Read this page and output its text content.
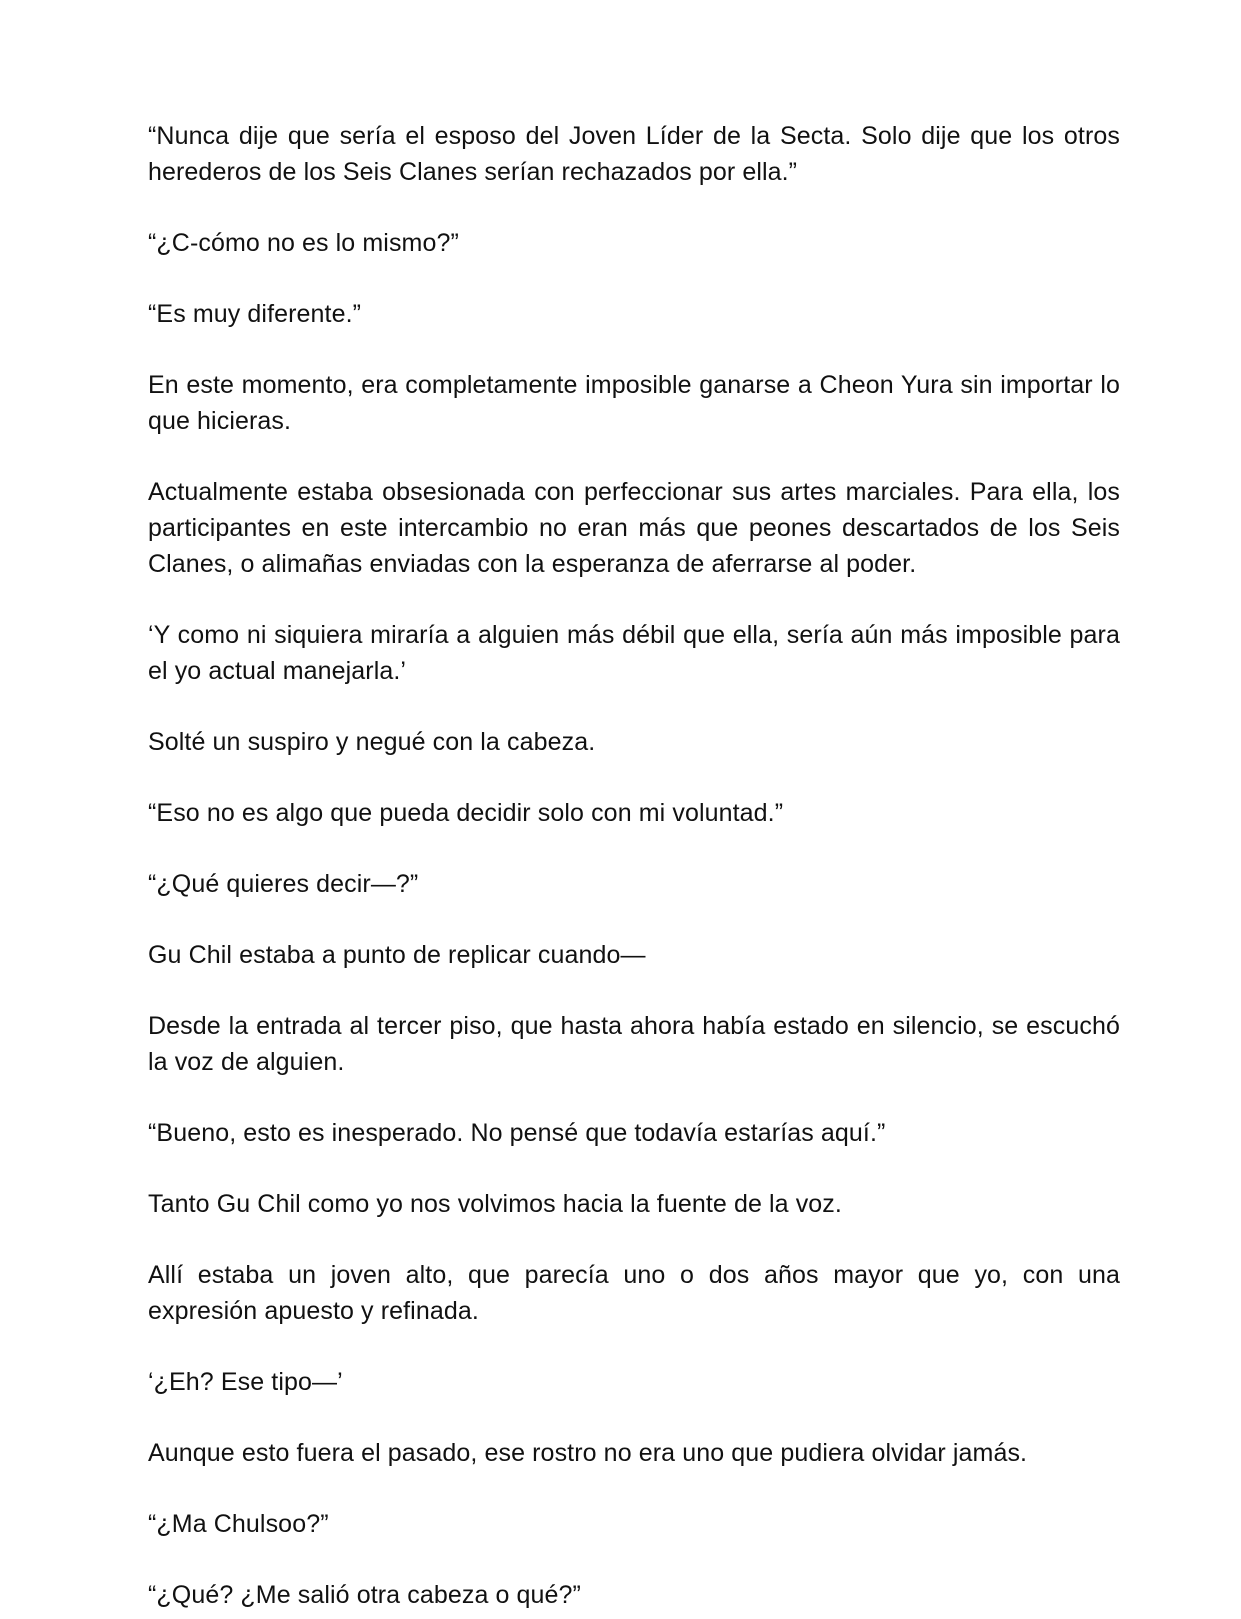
“Nunca dije que sería el esposo del Joven Líder de la Secta. Solo dije que los otros herederos de los Seis Clanes serían rechazados por ella.”

“¿C-cómo no es lo mismo?”

“Es muy diferente.”

En este momento, era completamente imposible ganarse a Cheon Yura sin importar lo que hicieras.

Actualmente estaba obsesionada con perfeccionar sus artes marciales. Para ella, los participantes en este intercambio no eran más que peones descartados de los Seis Clanes, o alimañas enviadas con la esperanza de aferrarse al poder.

‘Y como ni siquiera miraría a alguien más débil que ella, sería aún más imposible para el yo actual manejarla.’

Solté un suspiro y negué con la cabeza.

“Eso no es algo que pueda decidir solo con mi voluntad.”

“¿Qué quieres decir—?”

Gu Chil estaba a punto de replicar cuando—

Desde la entrada al tercer piso, que hasta ahora había estado en silencio, se escuchó la voz de alguien.

“Bueno, esto es inesperado. No pensé que todavía estarías aquí.”

Tanto Gu Chil como yo nos volvimos hacia la fuente de la voz.

Allí estaba un joven alto, que parecía uno o dos años mayor que yo, con una expresión apuesto y refinada.

‘¿Eh? Ese tipo—’

Aunque esto fuera el pasado, ese rostro no era uno que pudiera olvidar jamás.

“¿Ma Chulsoo?”

“¿Qué? ¿Me salió otra cabeza o qué?”
